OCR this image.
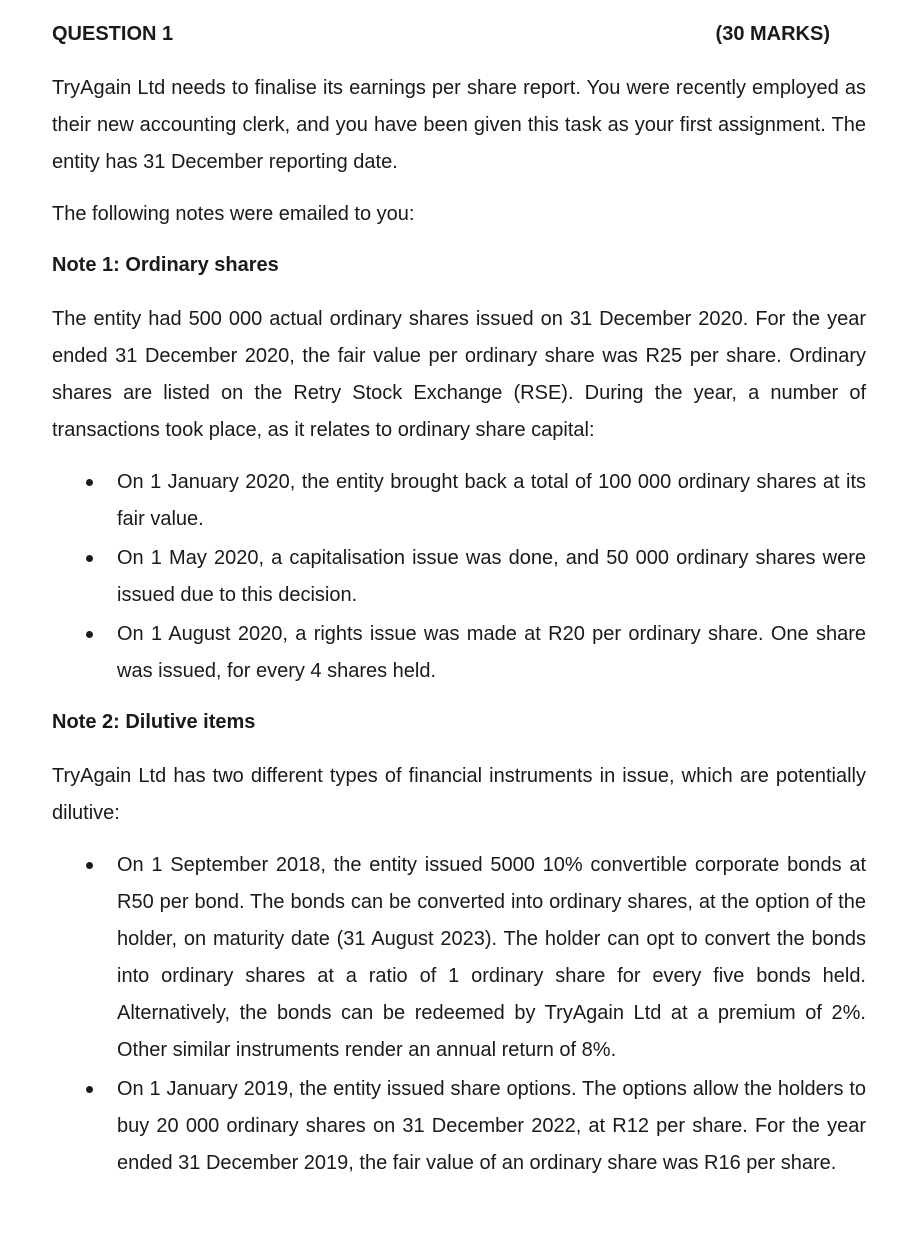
QUESTION 1	(30 MARKS)

TryAgain Ltd needs to finalise its earnings per share report. You were recently employed as their new accounting clerk, and you have been given this task as your first assignment. The entity has 31 December reporting date.

The following notes were emailed to you:

Note 1: Ordinary shares

The entity had 500 000 actual ordinary shares issued on 31 December 2020. For the year ended 31 December 2020, the fair value per ordinary share was R25 per share. Ordinary shares are listed on the Retry Stock Exchange (RSE). During the year, a number of transactions took place, as it relates to ordinary share capital:

On 1 January 2020, the entity brought back a total of 100 000 ordinary shares at its fair value.
On 1 May 2020, a capitalisation issue was done, and 50 000 ordinary shares were issued due to this decision.
On 1 August 2020, a rights issue was made at R20 per ordinary share. One share was issued, for every 4 shares held.
Note 2: Dilutive items

TryAgain Ltd has two different types of financial instruments in issue, which are potentially dilutive:

On 1 September 2018, the entity issued 5000 10% convertible corporate bonds at R50 per bond. The bonds can be converted into ordinary shares, at the option of the holder, on maturity date (31 August 2023). The holder can opt to convert the bonds into ordinary shares at a ratio of 1 ordinary share for every five bonds held. Alternatively, the bonds can be redeemed by TryAgain Ltd at a premium of 2%. Other similar instruments render an annual return of 8%.
On 1 January 2019, the entity issued share options. The options allow the holders to buy 20 000 ordinary shares on 31 December 2022, at R12 per share. For the year ended 31 December 2019, the fair value of an ordinary share was R16 per share.
